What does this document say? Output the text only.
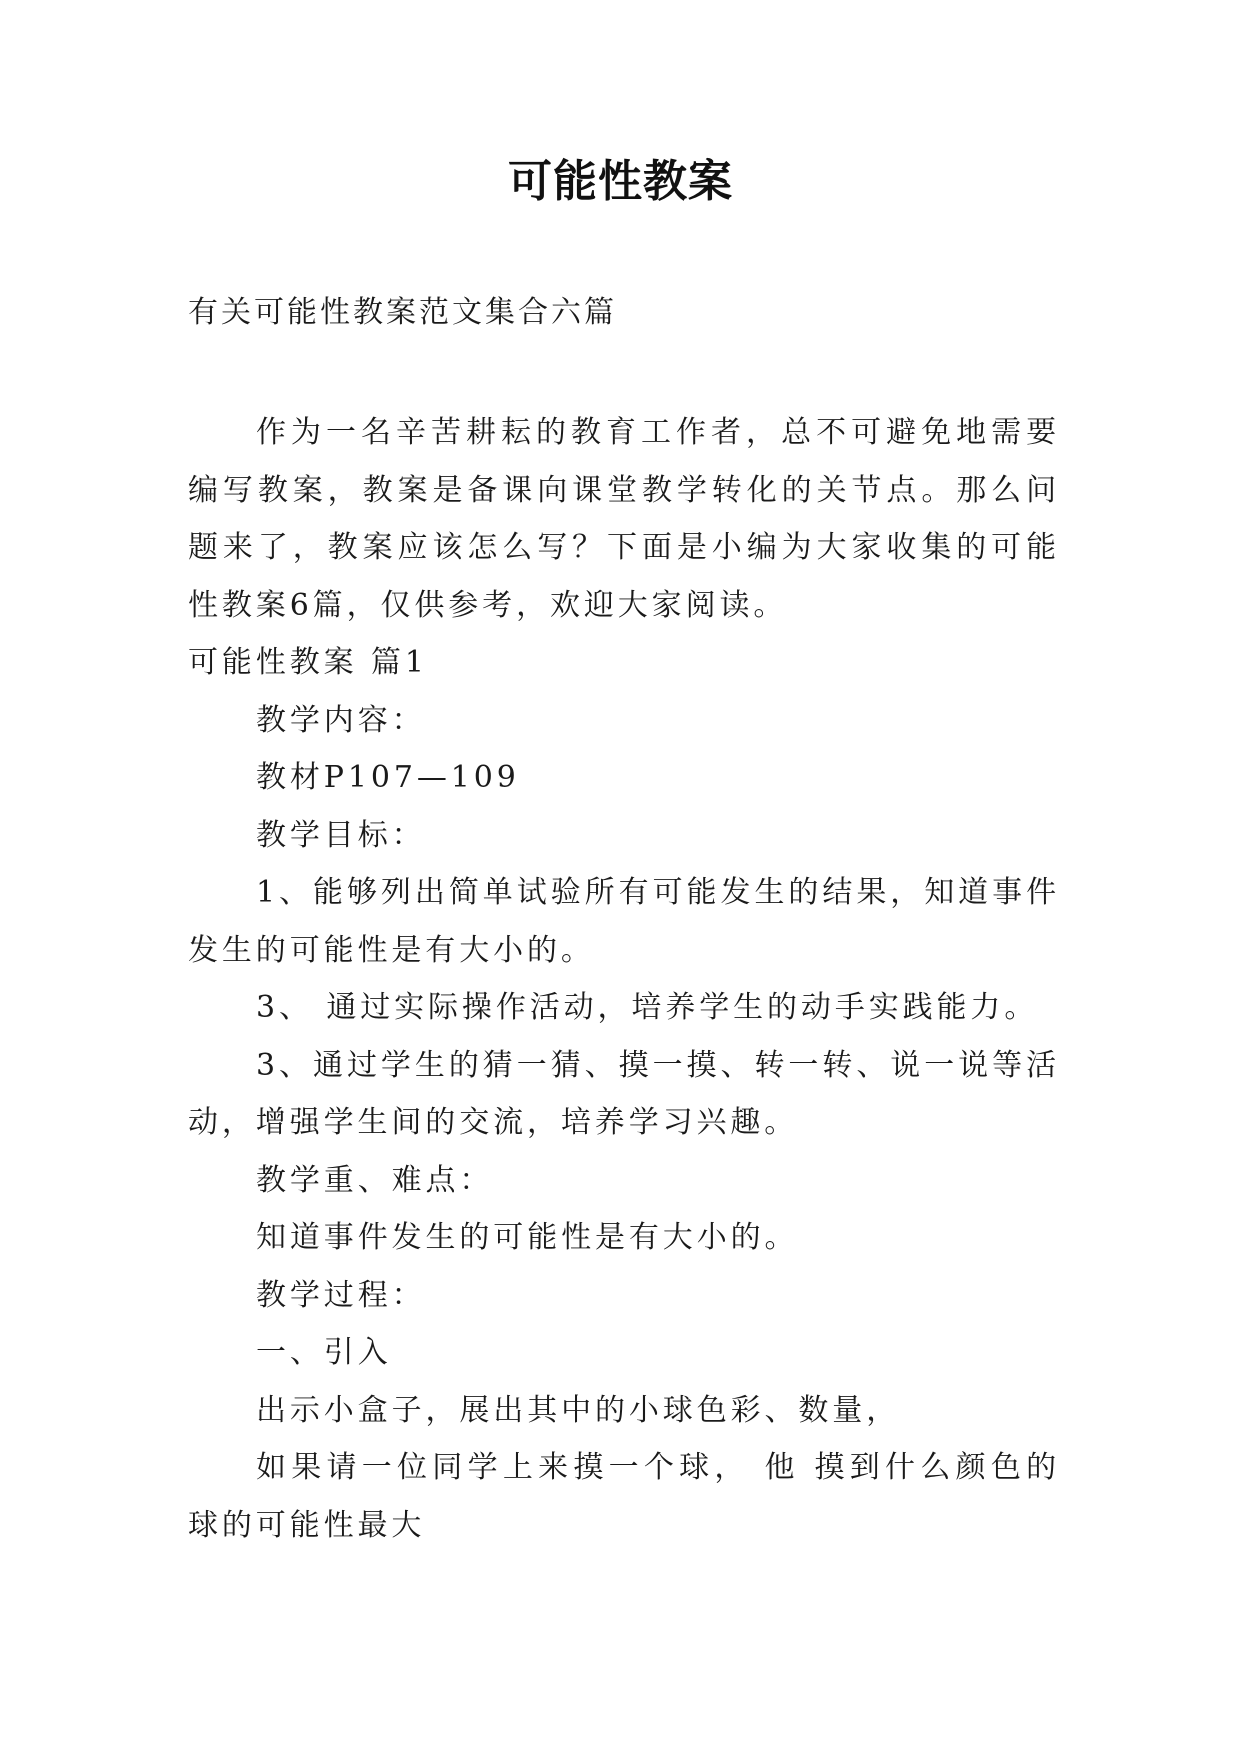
可能性教案
有关可能性教案范文集合六篇

作为一名辛苦耕耘的教育工作者，总不可避免地需要编写教案，教案是备课向课堂教学转化的关节点。那么问题来了，教案应该怎么写？下面是小编为大家收集的可能性教案6篇，仅供参考，欢迎大家阅读。

可能性教案 篇1

教学内容：

教材P107—109

教学目标：

1、能够列出简单试验所有可能发生的结果，知道事件发生的可能性是有大小的。

3、 通过实际操作活动，培养学生的动手实践能力。

3、通过学生的猜一猜、摸一摸、转一转、说一说等活动，增强学生间的交流，培养学习兴趣。

教学重、难点：

知道事件发生的可能性是有大小的。

教学过程：

一、引入

出示小盒子，展出其中的小球色彩、数量，

如果请一位同学上来摸一个球， 他 摸到什么颜色的球的可能性最大
